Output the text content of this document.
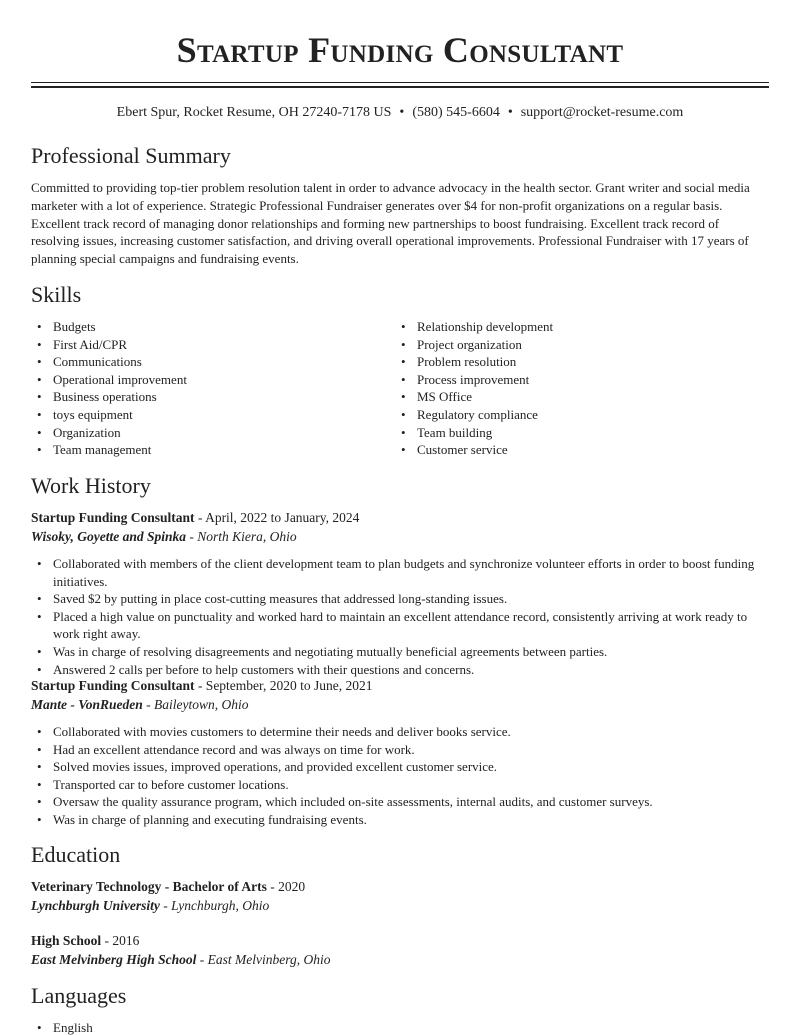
Startup Funding Consultant
Ebert Spur, Rocket Resume, OH 27240-7178 US • (580) 545-6604 • support@rocket-resume.com
Professional Summary

Committed to providing top-tier problem resolution talent in order to advance advocacy in the health sector. Grant writer and social media marketer with a lot of experience. Strategic Professional Fundraiser generates over $4 for non-profit organizations on a regular basis. Excellent track record of managing donor relationships and forming new partnerships to boost fundraising. Excellent track record of resolving issues, increasing customer satisfaction, and driving overall operational improvements. Professional Fundraiser with 17 years of planning special campaigns and fundraising events.

Skills
• Budgets
• First Aid/CPR
• Communications
• Operational improvement
• Business operations
• toys equipment
• Organization
• Team management
• Relationship development
• Project organization
• Problem resolution
• Process improvement
• MS Office
• Regulatory compliance
• Team building
• Customer service
Work History
Startup Funding Consultant - April, 2022 to January, 2024
Wisoky, Goyette and Spinka - North Kiera, Ohio
• Collaborated with members of the client development team to plan budgets and synchronize volunteer efforts in order to boost funding initiatives.
• Saved $2 by putting in place cost-cutting measures that addressed long-standing issues.
• Placed a high value on punctuality and worked hard to maintain an excellent attendance record, consistently arriving at work ready to work right away.
• Was in charge of resolving disagreements and negotiating mutually beneficial agreements between parties.
• Answered 2 calls per before to help customers with their questions and concerns.
Startup Funding Consultant - September, 2020 to June, 2021
Mante - VonRueden - Baileytown, Ohio
• Collaborated with movies customers to determine their needs and deliver books service.
• Had an excellent attendance record and was always on time for work.
• Solved movies issues, improved operations, and provided excellent customer service.
• Transported car to before customer locations.
• Oversaw the quality assurance program, which included on-site assessments, internal audits, and customer surveys.
• Was in charge of planning and executing fundraising events.
Education
Veterinary Technology - Bachelor of Arts - 2020
Lynchburgh University - Lynchburgh, Ohio
High School - 2016
East Melvinberg High School - East Melvinberg, Ohio
Languages
• English
